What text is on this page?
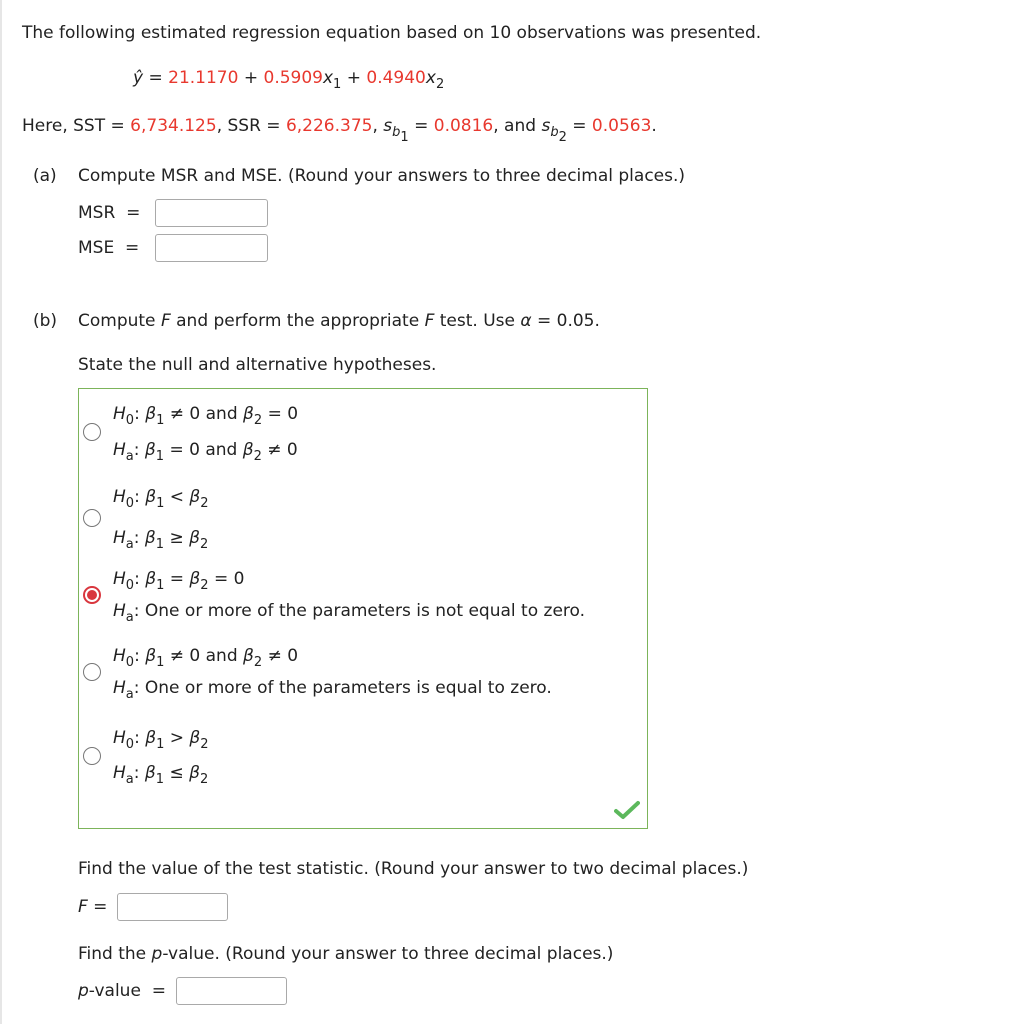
The following estimated regression equation based on 10 observations was presented.
ŷ = $21.1170 + 0.5909x_1 + 0.4940x_2$
Here, SST = 6,734.125, SSR = 6,226.375, $s_{b_1} = 0.0816$, and $s_{b_2} = 0.0563$.
(a) Compute MSR and MSE. (Round your answers to three decimal places.)
MSR  =
MSE  =
(b) Compute F and perform the appropriate F test. Use α = 0.05.
State the null and alternative hypotheses.
$H_0$: $\beta_1 \ne 0$ and $\beta_2 = 0$
$H_a$: $\beta_1 = 0$ and $\beta_2 \ne 0$
$H_0$: $\beta_1 < \beta_2$
$H_a$: $\beta_1 \ge \beta_2$
$H_0$: $\beta_1 = \beta_2 = 0$
$H_a$: One or more of the parameters is not equal to zero.
$H_0$: $\beta_1 \ne 0$ and $\beta_2 \ne 0$
$H_a$: One or more of the parameters is equal to zero.
$H_0$: $\beta_1 > \beta_2$
$H_a$: $\beta_1 \le \beta_2$
Find the value of the test statistic. (Round your answer to two decimal places.)
F =
Find the p-value. (Round your answer to three decimal places.)
p-value  =
